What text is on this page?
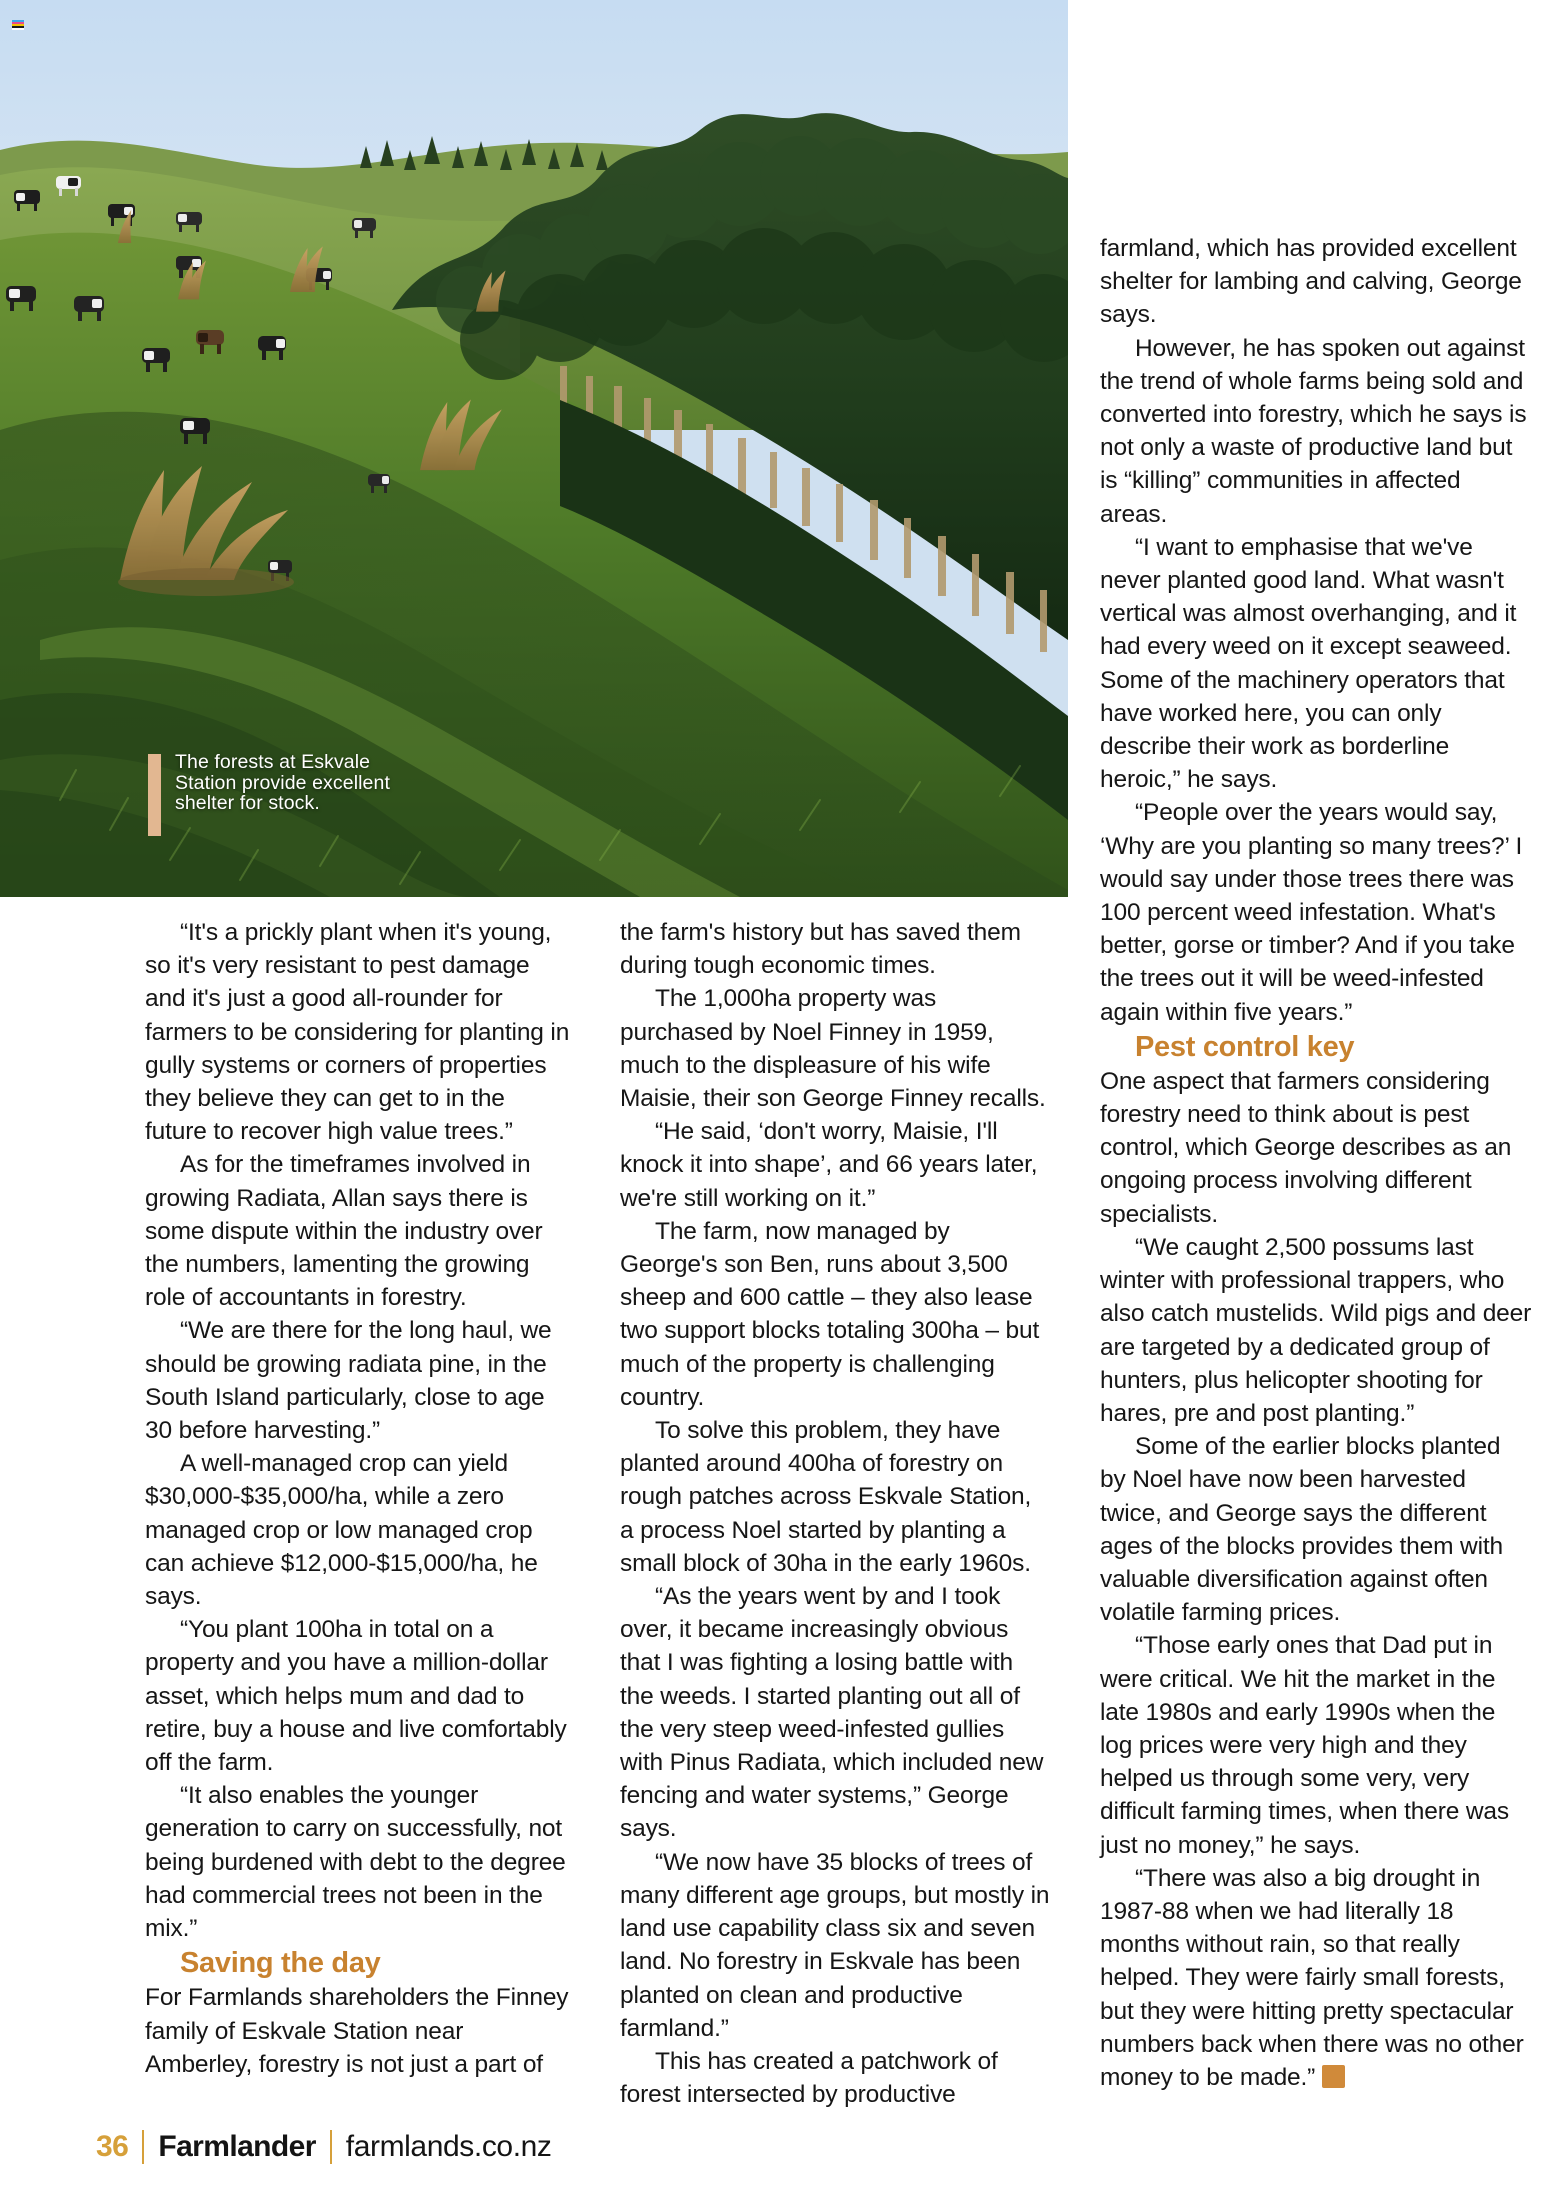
The forests at Eskvale Station provide excellent shelter for stock.

“It's a prickly plant when it's young, so it's very resistant to pest damage and it's just a good all-rounder for farmers to be considering for planting in gully systems or corners of properties they believe they can get to in the future to recover high value trees.”

As for the timeframes involved in growing Radiata, Allan says there is some dispute within the industry over the numbers, lamenting the growing role of accountants in forestry.

“We are there for the long haul, we should be growing radiata pine, in the South Island particularly, close to age 30 before harvesting.”

A well-managed crop can yield $30,000-$35,000/ha, while a zero managed crop or low managed crop can achieve $12,000-$15,000/ha, he says.

“You plant 100ha in total on a property and you have a million-dollar asset, which helps mum and dad to retire, buy a house and live comfortably off the farm.

“It also enables the younger generation to carry on successfully, not being burdened with debt to the degree had commercial trees not been in the mix.”

Saving the day

For Farmlands shareholders the Finney family of Eskvale Station near Amberley, forestry is not just a part of

the farm's history but has saved them during tough economic times.

The 1,000ha property was purchased by Noel Finney in 1959, much to the displeasure of his wife Maisie, their son George Finney recalls.

“He said, ‘don't worry, Maisie, I'll knock it into shape’, and 66 years later, we're still working on it.”

The farm, now managed by George's son Ben, runs about 3,500 sheep and 600 cattle – they also lease two support blocks totaling 300ha – but much of the property is challenging country.

To solve this problem, they have planted around 400ha of forestry on rough patches across Eskvale Station, a process Noel started by planting a small block of 30ha in the early 1960s.

“As the years went by and I took over, it became increasingly obvious that I was fighting a losing battle with the weeds. I started planting out all of the very steep weed-infested gullies with Pinus Radiata, which included new fencing and water systems,” George says.

“We now have 35 blocks of trees of many different age groups, but mostly in land use capability class six and seven land. No forestry in Eskvale has been planted on clean and productive farmland.”

This has created a patchwork of forest intersected by productive

farmland, which has provided excellent shelter for lambing and calving, George says.

However, he has spoken out against the trend of whole farms being sold and converted into forestry, which he says is not only a waste of productive land but is “killing” communities in affected areas.

“I want to emphasise that we've never planted good land. What wasn't vertical was almost overhanging, and it had every weed on it except seaweed. Some of the machinery operators that have worked here, you can only describe their work as borderline heroic,” he says.

“People over the years would say, ‘Why are you planting so many trees?’ I would say under those trees there was 100 percent weed infestation. What's better, gorse or timber? And if you take the trees out it will be weed-infested again within five years.”

Pest control key

One aspect that farmers considering forestry need to think about is pest control, which George describes as an ongoing process involving different specialists.

“We caught 2,500 possums last winter with professional trappers, who also catch mustelids. Wild pigs and deer are targeted by a dedicated group of hunters, plus helicopter shooting for hares, pre and post planting.”

Some of the earlier blocks planted by Noel have now been harvested twice, and George says the different ages of the blocks provides them with valuable diversification against often volatile farming prices.

“Those early ones that Dad put in were critical. We hit the market in the late 1980s and early 1990s when the log prices were very high and they helped us through some very, very difficult farming times, when there was just no money,” he says.

“There was also a big drought in 1987-88 when we had literally 18 months without rain, so that really helped. They were fairly small forests, but they were hitting pretty spectacular numbers back when there was no other money to be made.”F

36 Farmlander farmlands.co.nz
